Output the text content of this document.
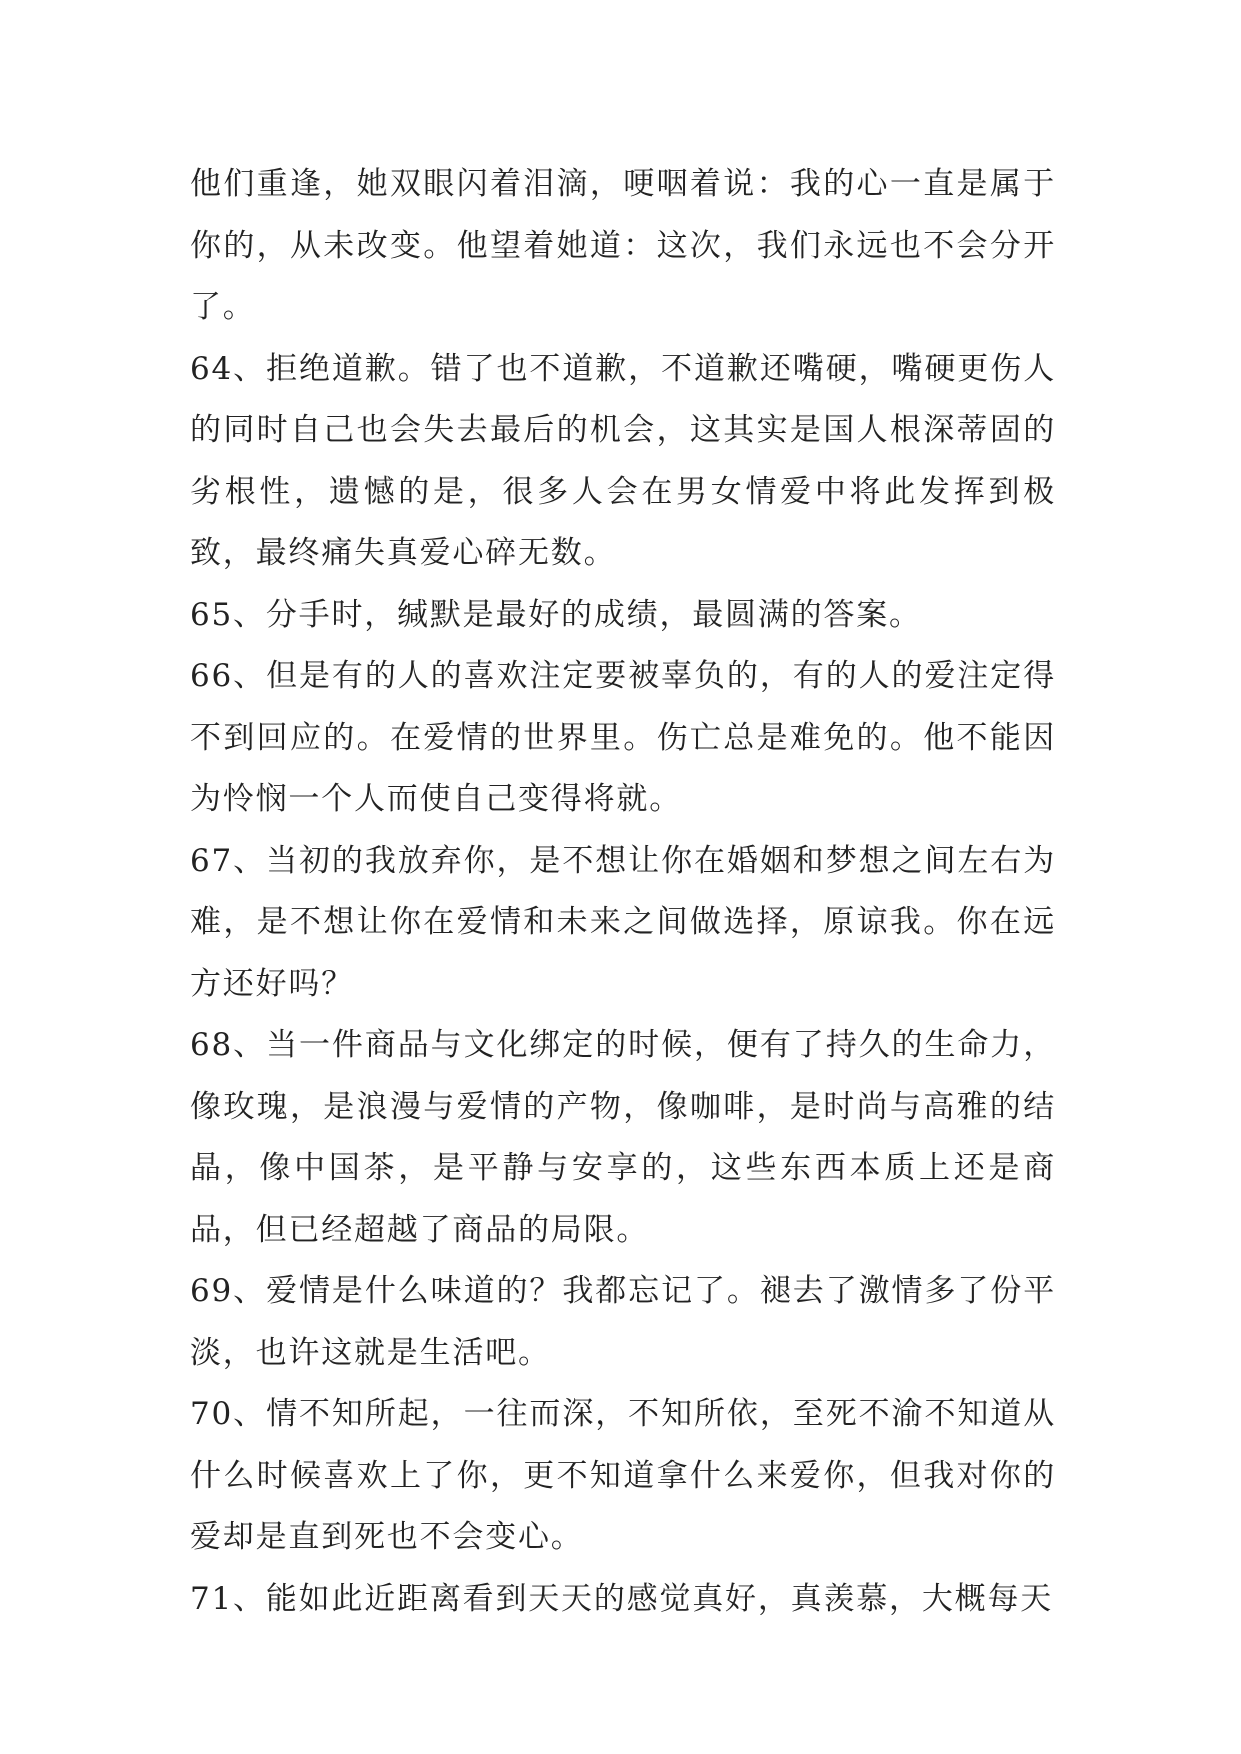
他们重逢，她双眼闪着泪滴，哽咽着说：我的心一直是属于你的，从未改变。他望着她道：这次，我们永远也不会分开了。

64、拒绝道歉。错了也不道歉，不道歉还嘴硬，嘴硬更伤人的同时自己也会失去最后的机会，这其实是国人根深蒂固的劣根性，遗憾的是，很多人会在男女情爱中将此发挥到极致，最终痛失真爱心碎无数。

65、分手时，缄默是最好的成绩，最圆满的答案。

66、但是有的人的喜欢注定要被辜负的，有的人的爱注定得不到回应的。在爱情的世界里。伤亡总是难免的。他不能因为怜悯一个人而使自己变得将就。

67、当初的我放弃你，是不想让你在婚姻和梦想之间左右为难，是不想让你在爱情和未来之间做选择，原谅我。你在远方还好吗？

68、当一件商品与文化绑定的时候，便有了持久的生命力，像玫瑰，是浪漫与爱情的产物，像咖啡，是时尚与高雅的结晶，像中国茶，是平静与安享的，这些东西本质上还是商品，但已经超越了商品的局限。

69、爱情是什么味道的？我都忘记了。褪去了激情多了份平淡，也许这就是生活吧。

70、情不知所起，一往而深，不知所依，至死不渝不知道从什么时候喜欢上了你，更不知道拿什么来爱你，但我对你的爱却是直到死也不会变心。

71、能如此近距离看到天天的感觉真好，真羡慕，大概每天
